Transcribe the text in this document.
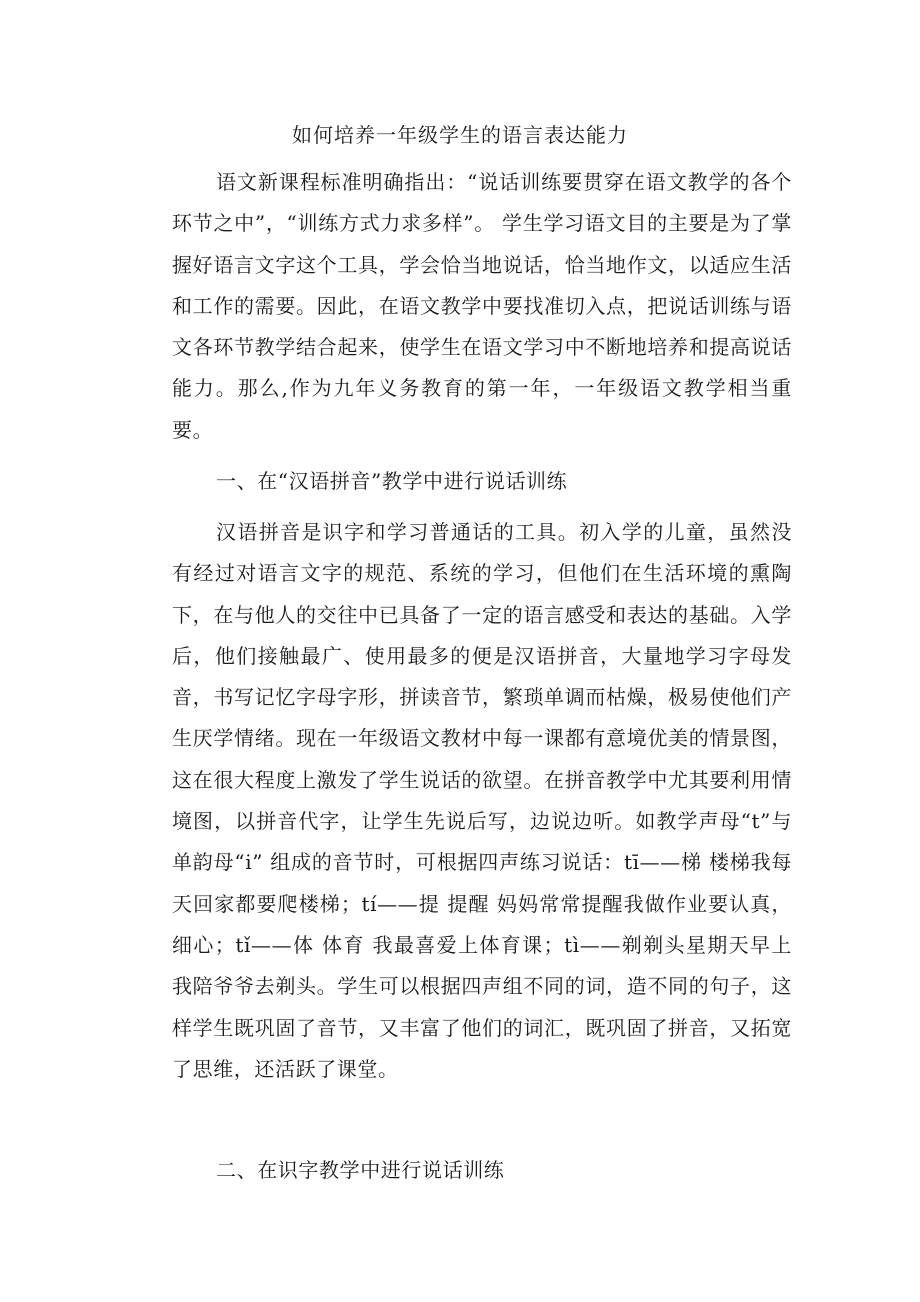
如何培养一年级学生的语言表达能力
语文新课程标准明确指出：“说话训练要贯穿在语文教学的各个环节之中”，“训练方式力求多样”。 学生学习语文目的主要是为了掌握好语言文字这个工具，学会恰当地说话，恰当地作文，以适应生活和工作的需要。因此，在语文教学中要找准切入点，把说话训练与语文各环节教学结合起来，使学生在语文学习中不断地培养和提高说话能力。那么,作为九年义务教育的第一年，一年级语文教学相当重要。
一、在“汉语拼音”教学中进行说话训练
汉语拼音是识字和学习普通话的工具。初入学的儿童，虽然没有经过对语言文字的规范、系统的学习，但他们在生活环境的熏陶下，在与他人的交往中已具备了一定的语言感受和表达的基础。入学后，他们接触最广、使用最多的便是汉语拼音，大量地学习字母发音，书写记忆字母字形，拼读音节，繁琐单调而枯燥，极易使他们产生厌学情绪。现在一年级语文教材中每一课都有意境优美的情景图，这在很大程度上激发了学生说话的欲望。在拼音教学中尤其要利用情境图，以拼音代字，让学生先说后写，边说边听。如教学声母“t”与单韵母“i” 组成的音节时，可根据四声练习说话：tī——梯 楼梯我每天回家都要爬楼梯；tí——提 提醒 妈妈常常提醒我做作业要认真，细心；tǐ——体 体育 我最喜爱上体育课；tì——剃剃头星期天早上我陪爷爷去剃头。学生可以根据四声组不同的词，造不同的句子，这样学生既巩固了音节，又丰富了他们的词汇，既巩固了拼音，又拓宽了思维，还活跃了课堂。
二、在识字教学中进行说话训练
